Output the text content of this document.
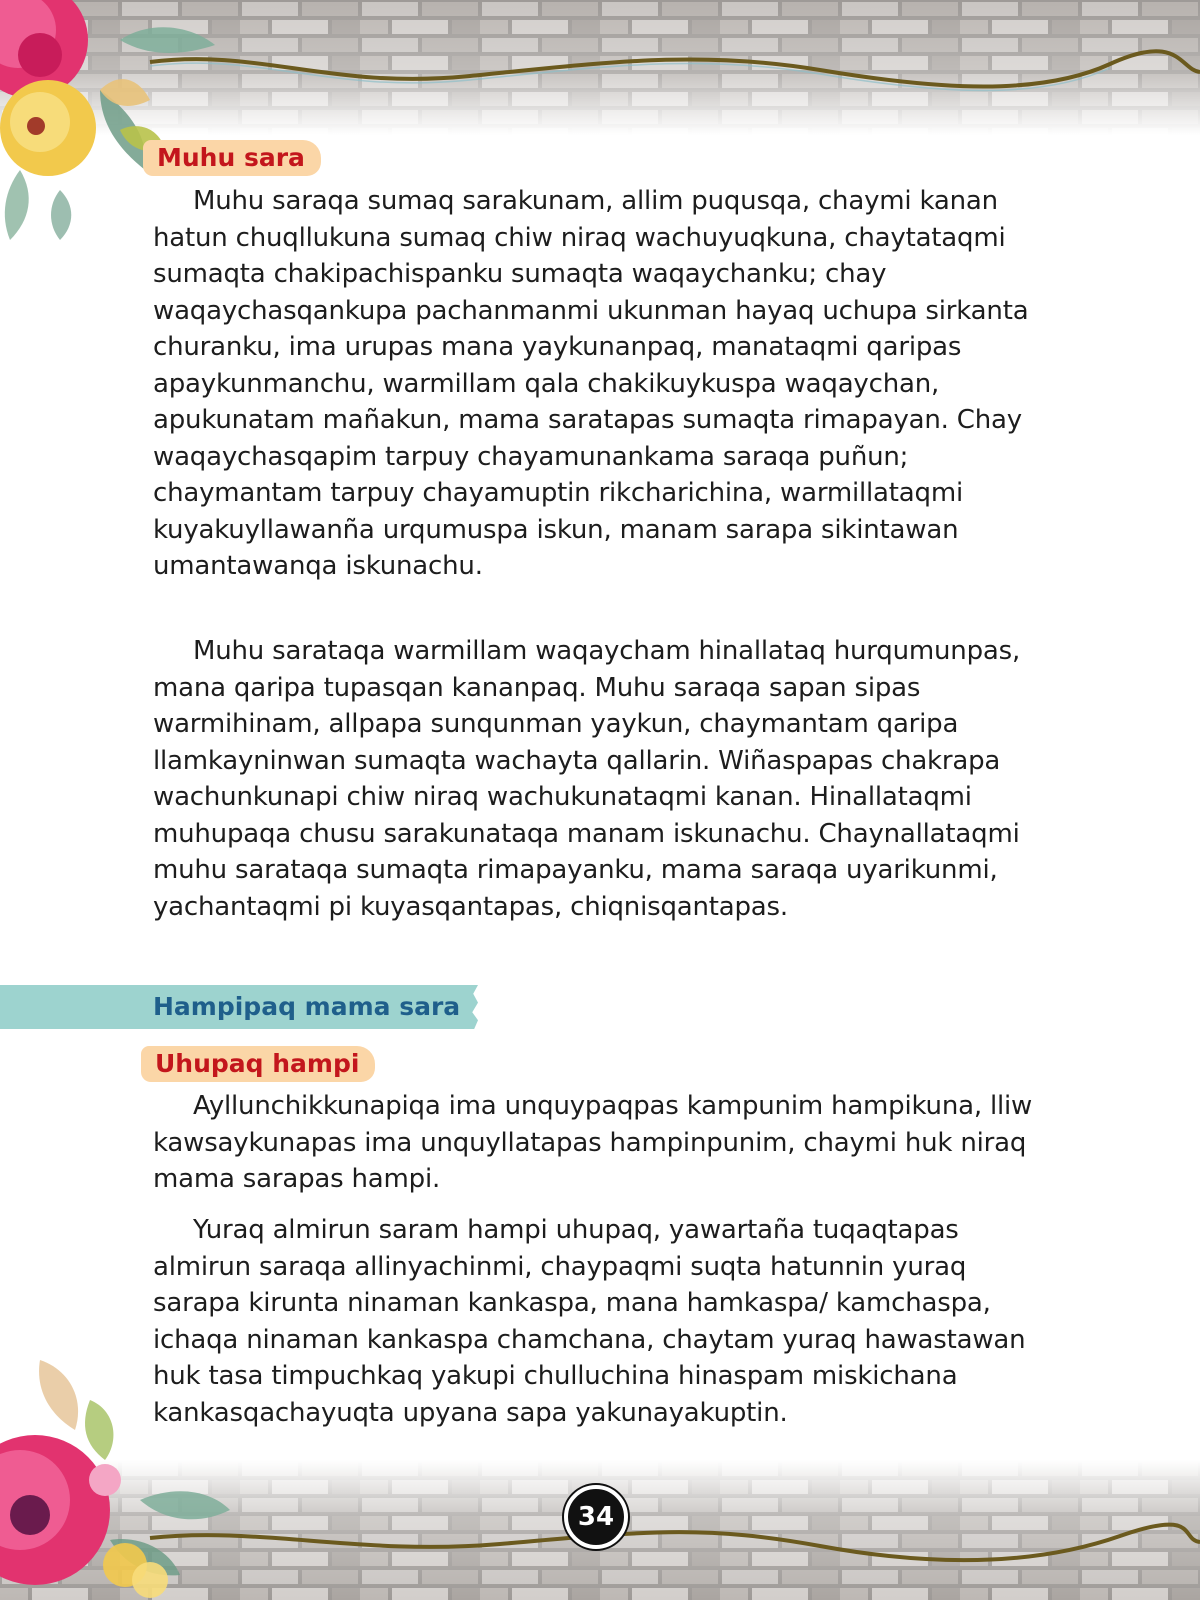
Muhu sara

Muhu saraqa sumaq sarakunam, allim puqusqa, chaymi kanan hatun chuqllukuna sumaq chiw niraq wachuyuqkuna, chaytataqmi sumaqta chakipachispanku sumaqta waqaychanku; chay waqaychasqankupa pachanmanmi ukunman hayaq uchupa sirkanta churanku, ima urupas mana yaykunanpaq, manataqmi qaripas apaykunmanchu, warmillam qala chakikuykuspa waqaychan, apukunatam mañakun, mama saratapas sumaqta rimapayan. Chay waqaychasqapim tarpuy chayamunankama saraqa puñun; chaymantam tarpuy chayamuptin rikcharichina, warmillataqmi kuyakuyllawanña urqumuspa iskun, manam sarapa sikintawan umantawanqa iskunachu.

Muhu sarataqa warmillam waqaycham hinallataq hurqumunpas, mana qaripa tupasqan kananpaq. Muhu saraqa sapan sipas warmihinam, allpapa sunqunman yaykun, chaymantam qaripa llamkayninwan sumaqta wachayta qallarin. Wiñaspapas chakrapa wachunkunapi chiw niraq wachukunataqmi kanan. Hinallataqmi muhupaqa chusu sarakunataqa manam iskunachu. Chaynallataqmi muhu sarataqa sumaqta rimapayanku, mama saraqa uyarikunmi, yachantaqmi pi kuyasqantapas, chiqnisqantapas.

Hampipaq mama sara
Uhupaq hampi

Ayllunchikkunapiqa ima unquypaqpas kampunim hampikuna, lliw kawsaykunapas ima unquyllatapas hampinpunim, chaymi huk niraq mama sarapas hampi.

Yuraq almirun saram hampi uhupaq, yawartaña tuqaqtapas almirun saraqa allinyachinmi, chaypaqmi suqta hatunnin yuraq sarapa kirunta ninaman kankaspa, mana hamkaspa/ kamchaspa, ichaqa ninaman kankaspa chamchana, chaytam yuraq hawastawan huk tasa timpuchkaq yakupi chulluchina hinaspam miskichana kankasqachayuqta upyana sapa yakunayakuptin.

34
